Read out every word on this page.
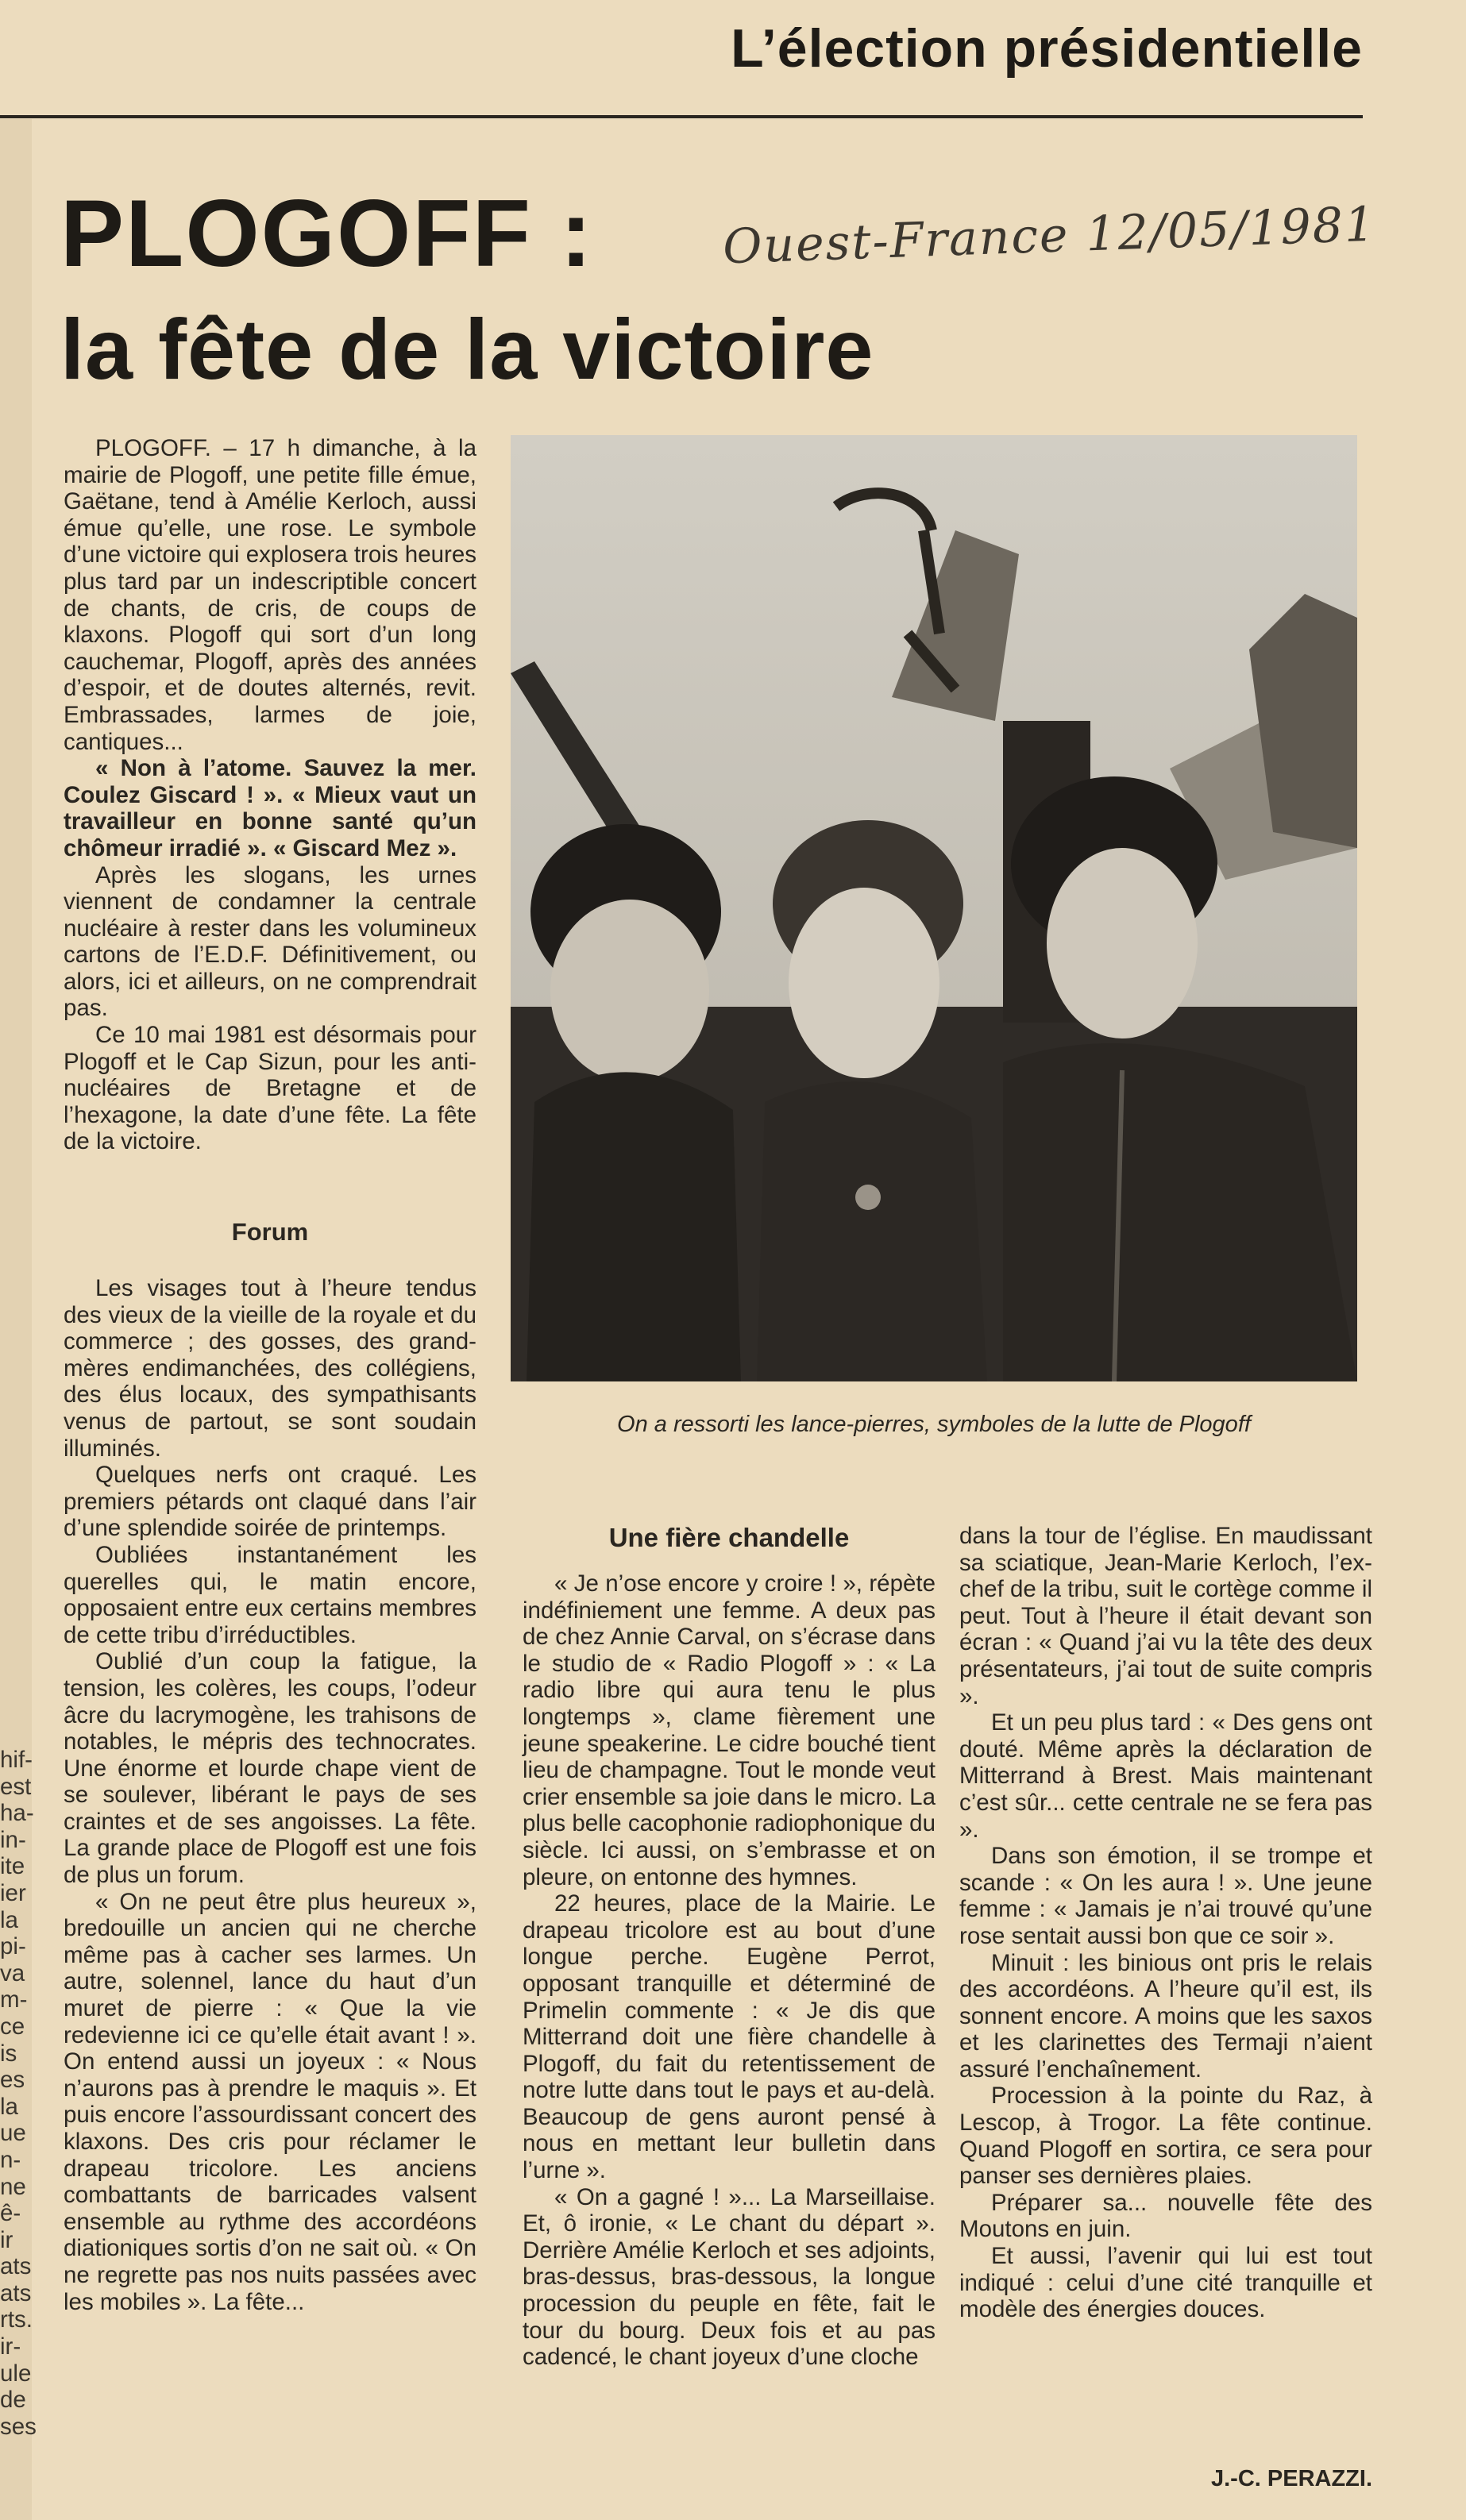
L’élection présidentielle
PLOGOFF :
la fête de la victoire
Ouest-France 12/05/1981

PLOGOFF. – 17 h dimanche, à la mairie de Plogoff, une petite fille émue, Gaëtane, tend à Amélie Kerloch, aussi émue qu’elle, une rose. Le symbole d’une victoire qui explosera trois heures plus tard par un indescriptible concert de chants, de cris, de coups de klaxons. Plogoff qui sort d’un long cauchemar, Plogoff, après des années d’espoir, et de doutes alternés, revit. Embrassades, larmes de joie, cantiques...

« Non à l’atome. Sauvez la mer. Coulez Giscard ! ». « Mieux vaut un travailleur en bonne santé qu’un chômeur irradié ». « Giscard Mez ».

Après les slogans, les urnes viennent de condamner la centrale nucléaire à rester dans les volumineux cartons de l’E.D.F. Définitivement, ou alors, ici et ailleurs, on ne comprendrait pas.

Ce 10 mai 1981 est désormais pour Plogoff et le Cap Sizun, pour les anti-nucléaires de Bretagne et de l’hexagone, la date d’une fête. La fête de la victoire.

Forum

Les visages tout à l’heure tendus des vieux de la vieille de la royale et du commerce ; des gosses, des grand-mères endimanchées, des collégiens, des élus locaux, des sympathisants venus de partout, se sont soudain illuminés.

Quelques nerfs ont craqué. Les premiers pétards ont claqué dans l’air d’une splendide soirée de printemps.

Oubliées instantanément les querelles qui, le matin encore, opposaient entre eux certains membres de cette tribu d’irréductibles.

Oublié d’un coup la fatigue, la tension, les colères, les coups, l’odeur âcre du lacrymogène, les trahisons de notables, le mépris des technocrates. Une énorme et lourde chape vient de se soulever, libérant le pays de ses craintes et de ses angoisses. La fête. La grande place de Plogoff est une fois de plus un forum.

« On ne peut être plus heureux », bredouille un ancien qui ne cherche même pas à cacher ses larmes. Un autre, solennel, lance du haut d’un muret de pierre : « Que la vie redevienne ici ce qu’elle était avant ! ». On entend aussi un joyeux : « Nous n’aurons pas à prendre le maquis ». Et puis encore l’assourdissant concert des klaxons. Des cris pour réclamer le drapeau tricolore. Les anciens combattants de barricades valsent ensemble au rythme des accordéons diationiques sortis d’on ne sait où. « On ne regrette pas nos nuits passées avec les mobiles ». La fête...

On a ressorti les lance-pierres, symboles de la lutte de Plogoff
Une fière chandelle

« Je n’ose encore y croire ! », répète indéfiniement une femme. A deux pas de chez Annie Carval, on s’écrase dans le studio de « Radio Plogoff » : « La radio libre qui aura tenu le plus longtemps », clame fièrement une jeune speakerine. Le cidre bouché tient lieu de champagne. Tout le monde veut crier ensemble sa joie dans le micro. La plus belle cacophonie radiophonique du siècle. Ici aussi, on s’embrasse et on pleure, on entonne des hymnes.

22 heures, place de la Mairie. Le drapeau tricolore est au bout d’une longue perche. Eugène Perrot, opposant tranquille et déterminé de Primelin commente : « Je dis que Mitterrand doit une fière chandelle à Plogoff, du fait du retentissement de notre lutte dans tout le pays et au-delà. Beaucoup de gens auront pensé à nous en mettant leur bulletin dans l’urne ».

« On a gagné ! »... La Marseillaise. Et, ô ironie, « Le chant du départ ». Derrière Amélie Kerloch et ses adjoints, bras-dessus, bras-dessous, la longue procession du peuple en fête, fait le tour du bourg. Deux fois et au pas cadencé, le chant joyeux d’une cloche

dans la tour de l’église. En maudissant sa sciatique, Jean-Marie Kerloch, l’ex-chef de la tribu, suit le cortège comme il peut. Tout à l’heure il était devant son écran : « Quand j’ai vu la tête des deux présentateurs, j’ai tout de suite compris ».

Et un peu plus tard : « Des gens ont douté. Même après la déclaration de Mitterrand à Brest. Mais maintenant c’est sûr... cette centrale ne se fera pas ».

Dans son émotion, il se trompe et scande : « On les aura ! ». Une jeune femme : « Jamais je n’ai trouvé qu’une rose sentait aussi bon que ce soir ».

Minuit : les binious ont pris le relais des accordéons. A l’heure qu’il est, ils sonnent encore. A moins que les saxos et les clarinettes des Termaji n’aient assuré l’enchaînement.

Procession à la pointe du Raz, à Lescop, à Trogor. La fête continue. Quand Plogoff en sortira, ce sera pour panser ses dernières plaies.

Préparer sa... nouvelle fête des Moutons en juin.

Et aussi, l’avenir qui lui est tout indiqué : celui d’une cité tranquille et modèle des énergies douces.

J.-C. PERAZZI.
hif-
est
ha-
in-
ite
ier
la
pi-
va
m-
ce
is
es
la
ue
n-
ne
ê-
ir
ats
ats
rts.
ir-
ule
de
ses
